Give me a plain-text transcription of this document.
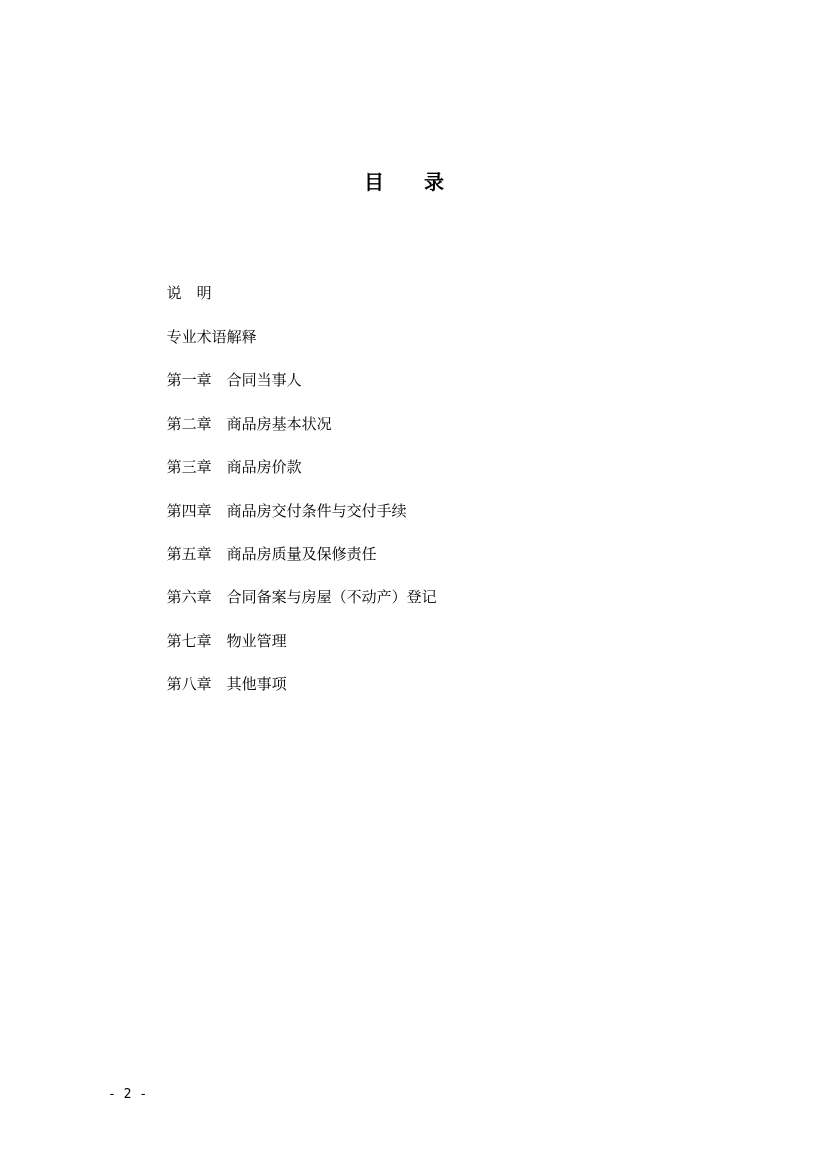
目　　录

说　明

专业术语解释

第一章　合同当事人

第二章　商品房基本状况

第三章　商品房价款

第四章　商品房交付条件与交付手续

第五章　商品房质量及保修责任

第六章　合同备案与房屋（不动产）登记

第七章　物业管理

第八章　其他事项

- 2 -
